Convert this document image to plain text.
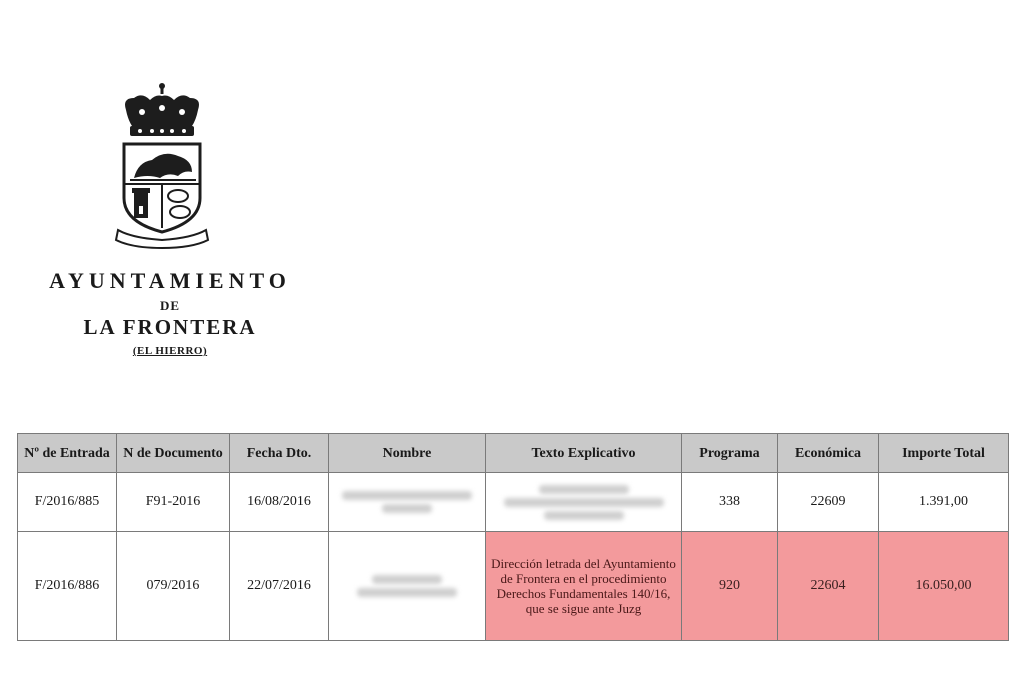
AYUNTAMIENTO
DE
LA FRONTERA
(EL HIERRO)
Nº de Entrada	N de Documento	Fecha Dto.	Nombre	Texto Explicativo	Programa	Económica	Importe Total
F/2016/885	F91-2016	16/08/2016			338	22609	1.391,00
F/2016/886	079/2016	22/07/2016		Dirección letrada del Ayuntamiento de Frontera en el procedimiento Derechos Fundamentales 140/16, que se sigue ante Juzg	920	22604	16.050,00
